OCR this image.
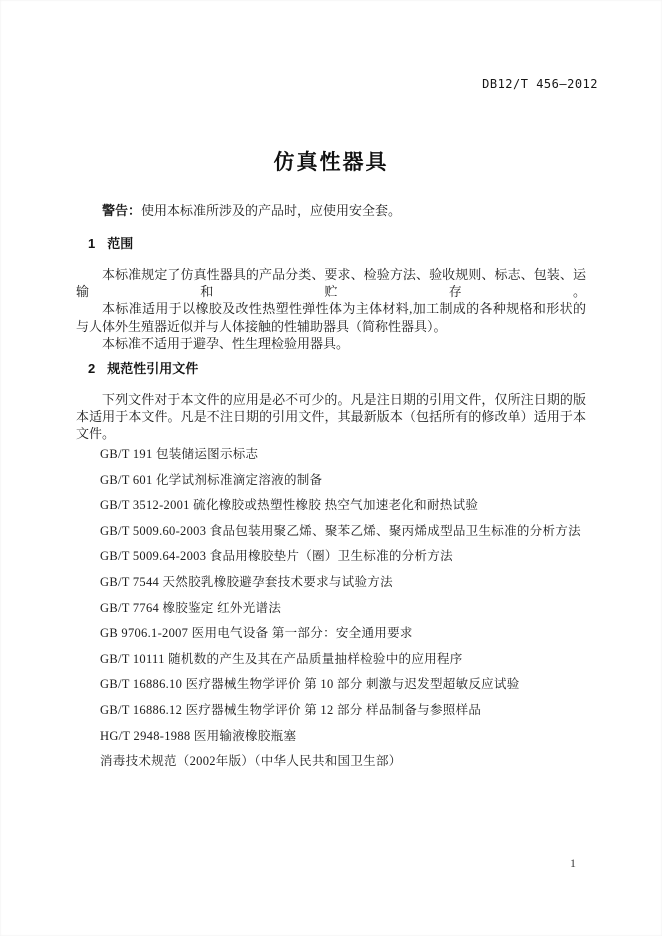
DB12/T 456—2012
仿真性器具
警告：使用本标准所涉及的产品时，应使用安全套。
1 范围

本标准规定了仿真性器具的产品分类、要求、检验方法、验收规则、标志、包装、运输和贮存。

本标准适用于以橡胶及改性热塑性弹性体为主体材料,加工制成的各种规格和形状的与人体外生殖器近似并与人体接触的性辅助器具（简称性器具）。

本标准不适用于避孕、性生理检验用器具。

2 规范性引用文件

下列文件对于本文件的应用是必不可少的。凡是注日期的引用文件，仅所注日期的版本适用于本文件。凡是不注日期的引用文件，其最新版本（包括所有的修改单）适用于本文件。

GB/T 191 包装储运图示标志
GB/T 601 化学试剂标准滴定溶液的制备
GB/T 3512-2001 硫化橡胶或热塑性橡胶 热空气加速老化和耐热试验
GB/T 5009.60-2003 食品包装用聚乙烯、聚苯乙烯、聚丙烯成型品卫生标准的分析方法
GB/T 5009.64-2003 食品用橡胶垫片（圈）卫生标准的分析方法
GB/T 7544 天然胶乳橡胶避孕套技术要求与试验方法
GB/T 7764 橡胶鉴定 红外光谱法
GB 9706.1-2007 医用电气设备 第一部分：安全通用要求
GB/T 10111 随机数的产生及其在产品质量抽样检验中的应用程序
GB/T 16886.10 医疗器械生物学评价 第 10 部分 刺激与迟发型超敏反应试验
GB/T 16886.12 医疗器械生物学评价 第 12 部分 样品制备与参照样品
HG/T 2948-1988 医用输液橡胶瓶塞
消毒技术规范（2002年版）（中华人民共和国卫生部）
1
